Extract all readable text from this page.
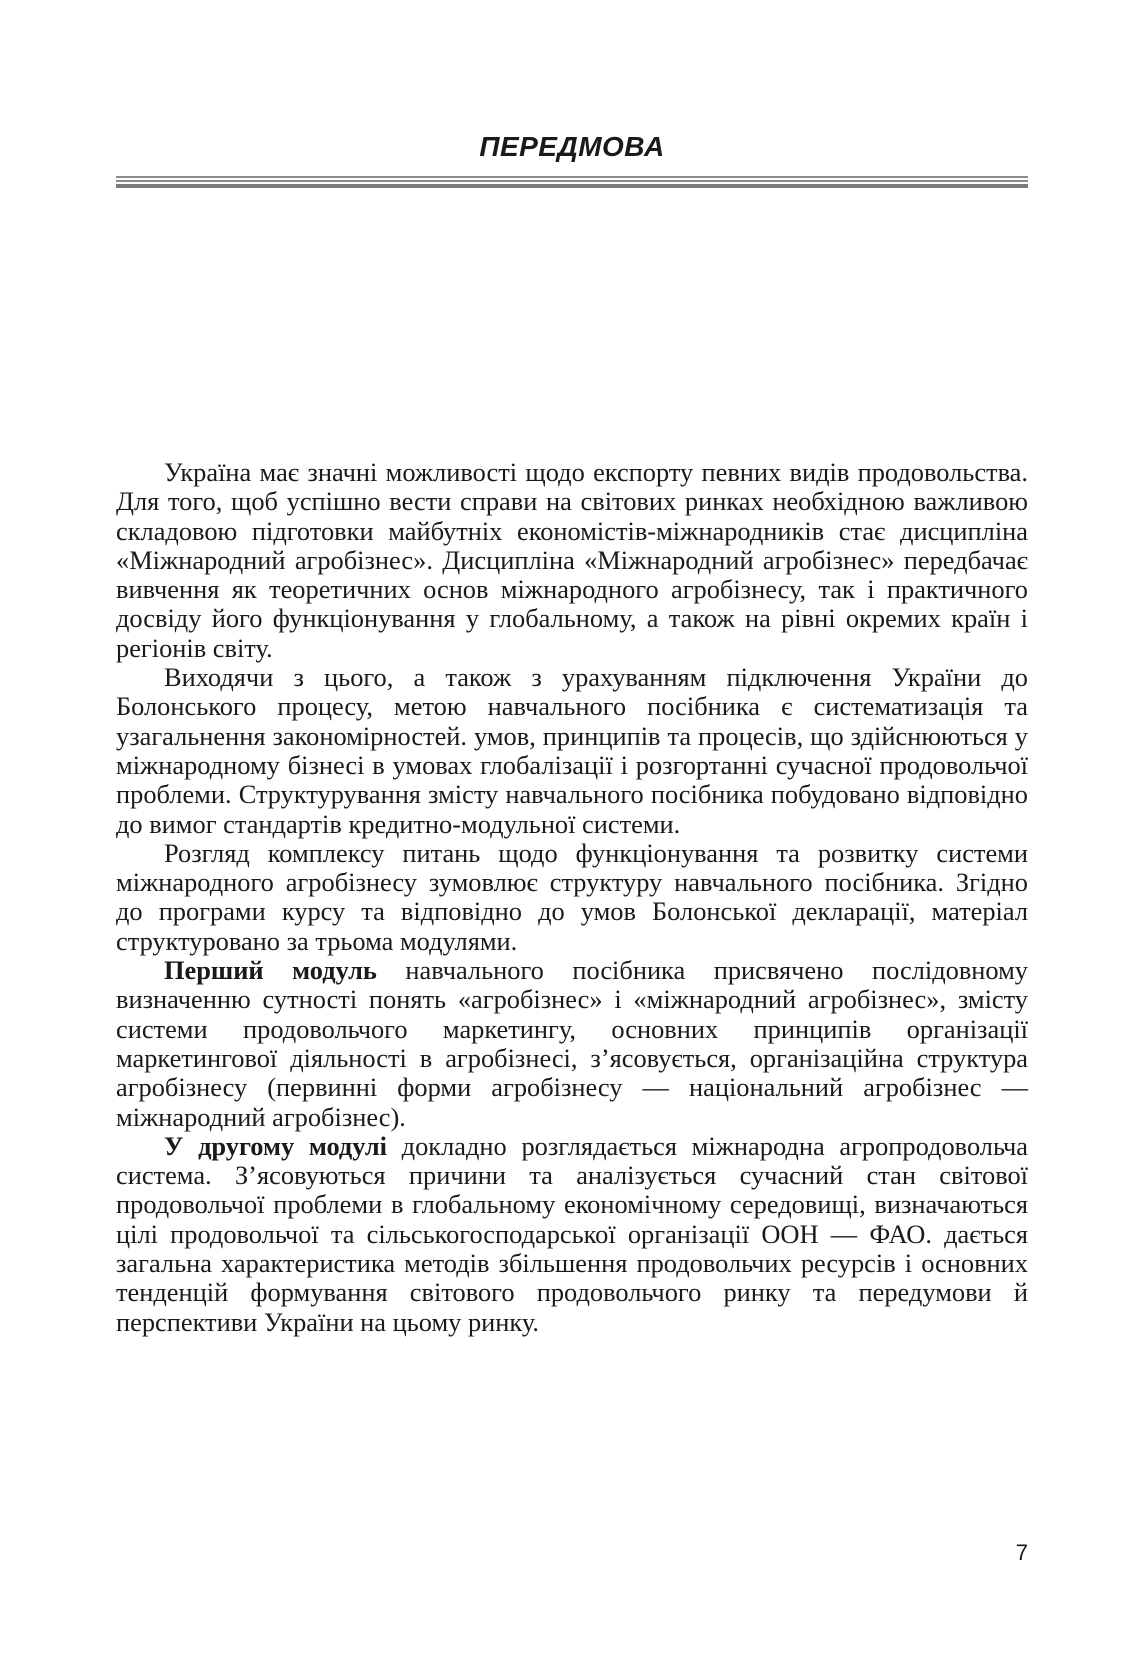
ПЕРЕДМОВА

Україна має значні можливості щодо експорту певних видів продовольства. Для того, щоб успішно вести справи на світових ринках необхідною важливою складовою підготовки майбутніх економістів-міжнародників стає дисципліна «Міжнародний агробізнес». Дисципліна «Міжнародний агробізнес» передбачає вивчення як теоретичних основ міжнародного агробізнесу, так і практичного досвіду його функціонування у глобальному, а також на рівні окремих країн і регіонів світу.

Виходячи з цього, а також з урахуванням підключення України до Болонського процесу, метою навчального посібника є систематизація та узагальнення закономірностей. умов, принципів та процесів, що здійснюються у міжнародному бізнесі в умовах глобалізації і розгортанні сучасної продовольчої проблеми. Структурування змісту навчального посібника побудовано відповідно до вимог стандартів кредитно-модульної системи.

Розгляд комплексу питань щодо функціонування та розвитку системи міжнародного агробізнесу зумовлює структуру навчального посібника. Згідно до програми курсу та відповідно до умов Болонської декларації, матеріал структуровано за трьома модулями.

Перший модуль навчального посібника присвячено послідовному визначенню сутності понять «агробізнес» і «міжнародний агробізнес», змісту системи продовольчого маркетингу, основних принципів організації маркетингової діяльності в агробізнесі, з’ясовується, організаційна структура агробізнесу (первинні форми агробізнесу — національний агробізнес — міжнародний агробізнес).

У другому модулі докладно розглядається міжнародна агропродовольча система. З’ясовуються причини та аналізується сучасний стан світової продовольчої проблеми в глобальному економічному середовищі, визначаються цілі продовольчої та сільськогосподарської організації ООН — ФАО. дається загальна характеристика методів збільшення продовольчих ресурсів і основних тенденцій формування світового продовольчого ринку та передумови й перспективи України на цьому ринку.

7
